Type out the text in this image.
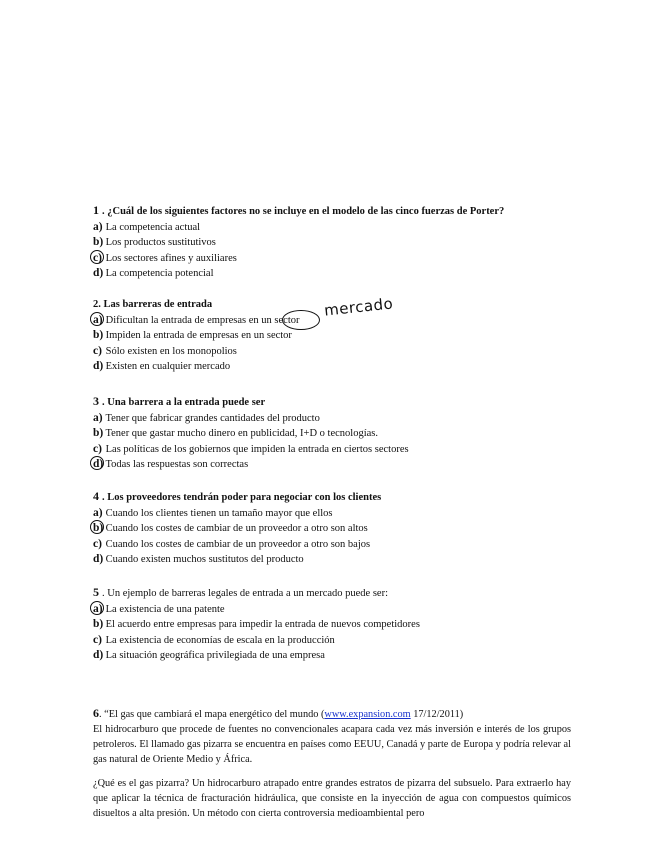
1 . ¿Cuál de los siguientes factores no se incluye en el modelo de las cinco fuerzas de Porter?
a) La competencia actual
b) Los productos sustitutivos
c) Los sectores afines y auxiliares
d) La competencia potencial
2. Las barreras de entrada
a) Dificultan la entrada de empresas en un sector
b) Impiden la entrada de empresas en un sector
c) Sólo existen en los monopolios
d) Existen en cualquier mercado
mercado
3 . Una barrera a la entrada puede ser
a) Tener que fabricar grandes cantidades del producto
b) Tener que gastar mucho dinero en publicidad, I+D o tecnologías.
c) Las políticas de los gobiernos que impiden la entrada en ciertos sectores
d) Todas las respuestas son correctas
4 . Los proveedores tendrán poder para negociar con los clientes
a) Cuando los clientes tienen un tamaño mayor que ellos
b) Cuando los costes de cambiar de un proveedor a otro son altos
c) Cuando los costes de cambiar de un proveedor a otro son bajos
d) Cuando existen muchos sustitutos del producto
5 . Un ejemplo de barreras legales de entrada a un mercado puede ser:
a) La existencia de una patente
b) El acuerdo entre empresas para impedir la entrada de nuevos competidores
c) La existencia de economías de escala en la producción
d) La situación geográfica privilegiada de una empresa
6. “El gas que cambiará el mapa energético del mundo (www.expansion.com 17/12/2011)

El hidrocarburo que procede de fuentes no convencionales acapara cada vez más inversión e interés de los grupos petroleros. El llamado gas pizarra se encuentra en países como EEUU, Canadá y parte de Europa y podría relevar al gas natural de Oriente Medio y África.

¿Qué es el gas pizarra? Un hidrocarburo atrapado entre grandes estratos de pizarra del subsuelo. Para extraerlo hay que aplicar la técnica de fracturación hidráulica, que consiste en la inyección de agua con compuestos químicos disueltos a alta presión. Un método con cierta controversia medioambiental pero
